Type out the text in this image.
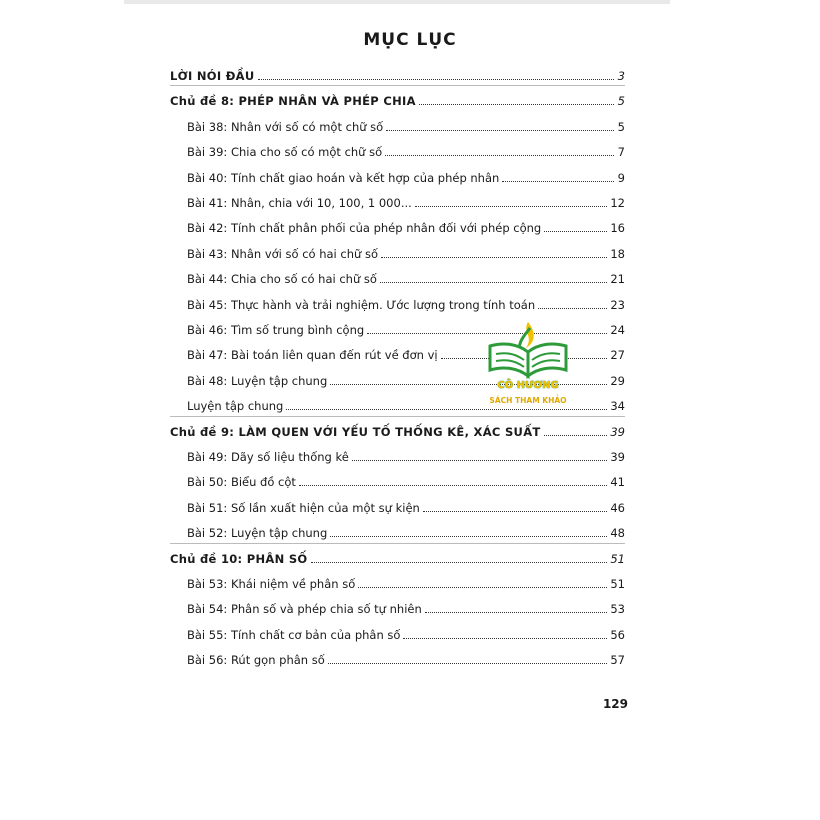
MỤC LỤC
LỜI NÓI ĐẦU	3
Chủ đề 8: PHÉP NHÂN VÀ PHÉP CHIA	5
Bài 38: Nhân với số có một chữ số	5
Bài 39: Chia cho số có một chữ số	7
Bài 40: Tính chất giao hoán và kết hợp của phép nhân	9
Bài 41: Nhân, chia với 10, 100, 1 000...	12
Bài 42: Tính chất phân phối của phép nhân đối với phép cộng	16
Bài 43: Nhân với số có hai chữ số	18
Bài 44: Chia cho số có hai chữ số	21
Bài 45: Thực hành và trải nghiệm. Ước lượng trong tính toán	23
Bài 46: Tìm số trung bình cộng	24
Bài 47: Bài toán liên quan đến rút về đơn vị	27
Bài 48: Luyện tập chung	29
Luyện tập chung	34
Chủ đề 9: LÀM QUEN VỚI YẾU TỐ THỐNG KÊ, XÁC SUẤT	39
Bài 49: Dãy số liệu thống kê	39
Bài 50: Biểu đồ cột	41
Bài 51: Số lần xuất hiện của một sự kiện	46
Bài 52: Luyện tập chung	48
Chủ đề 10: PHÂN SỐ	51
Bài 53: Khái niệm về phân số	51
Bài 54: Phân số và phép chia số tự nhiên	53
Bài 55: Tính chất cơ bản của phân số	56
Bài 56: Rút gọn phân số	57
CÔ HƯƠNG
SÁCH THAM KHẢO
129
